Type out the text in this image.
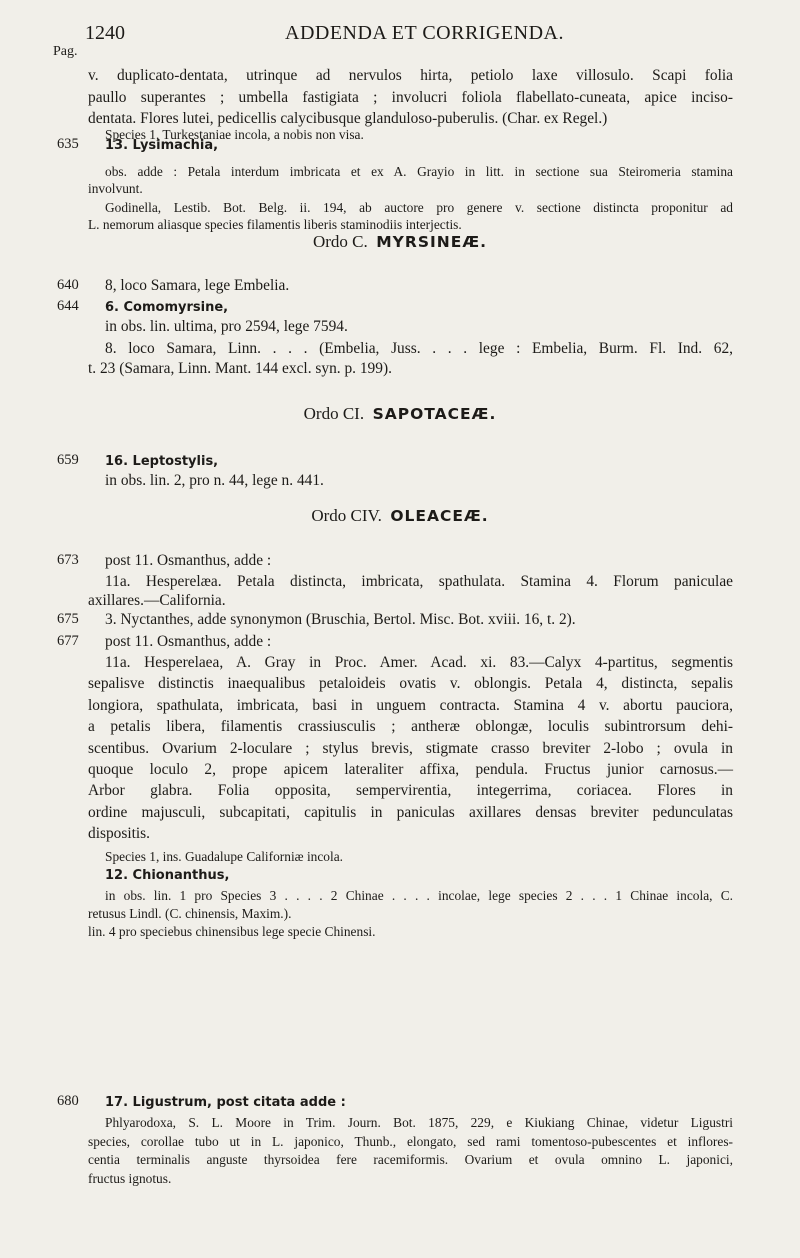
1240	ADDENDA ET CORRIGENDA.
Pag.
635
640
644
659
673
675
677
680
Ordo C. MYRSINEÆ.
Ordo CI. SAPOTACEÆ.
Ordo CIV. OLEACEÆ.
v. duplicato-dentata, utrinque ad nervulos hirta, petiolo laxe villosulo. Scapi folia
paullo superantes ; umbella fastigiata ; involucri foliola flabellato-cuneata, apice inciso-
dentata. Flores lutei, pedicellis calycibusque glanduloso-puberulis. (Char. ex Regel.)
Species 1, Turkestaniae incola, a nobis non visa.
13. Lysimachia,
obs. adde : Petala interdum imbricata et ex A. Grayio in litt. in sectione sua Steiromeria stamina
involvunt.
Godinella, Lestib. Bot. Belg. ii. 194, ab auctore pro genere v. sectione distincta proponitur ad
L. nemorum aliasque species filamentis liberis staminodiis interjectis.
8, loco Samara, lege Embelia.
6. Comomyrsine,
in obs. lin. ultima, pro 2594, lege 7594.
8. loco Samara, Linn. . . . (Embelia, Juss. . . . lege : Embelia, Burm. Fl. Ind. 62,
t. 23 (Samara, Linn. Mant. 144 excl. syn. p. 199).
16. Leptostylis,
in obs. lin. 2, pro n. 44, lege n. 441.
post 11. Osmanthus, adde :
11a. Hesperelæa. Petala distincta, imbricata, spathulata. Stamina 4. Florum paniculae
axillares.—California.
3. Nyctanthes, adde synonymon (Bruschia, Bertol. Misc. Bot. xviii. 16, t. 2).
post 11. Osmanthus, adde :
11a. Hesperelaea, A. Gray in Proc. Amer. Acad. xi. 83.—Calyx 4-partitus, segmentis
sepalisve distinctis inaequalibus petaloideis ovatis v. oblongis. Petala 4, distincta, sepalis
longiora, spathulata, imbricata, basi in unguem contracta. Stamina 4 v. abortu pauciora,
a petalis libera, filamentis crassiusculis ; antheræ oblongæ, loculis subintrorsum dehi-
scentibus. Ovarium 2-loculare ; stylus brevis, stigmate crasso breviter 2-lobo ; ovula in
quoque loculo 2, prope apicem lateraliter affixa, pendula. Fructus junior carnosus.—
Arbor glabra. Folia opposita, sempervirentia, integerrima, coriacea. Flores in
ordine majusculi, subcapitati, capitulis in paniculas axillares densas breviter pedunculatas
dispositis.
Species 1, ins. Guadalupe Californiæ incola.
12. Chionanthus,
in obs. lin. 1 pro Species 3 . . . . 2 Chinae . . . . incolae, lege species 2 . . . 1 Chinae incola, C.
retusus Lindl. (C. chinensis, Maxim.).
lin. 4 pro speciebus chinensibus lege specie Chinensi.
17. Ligustrum, post citata adde :
Phlyarodoxa, S. L. Moore in Trim. Journ. Bot. 1875, 229, e Kiukiang Chinae, videtur Ligustri
species, corollae tubo ut in L. japonico, Thunb., elongato, sed rami tomentoso-pubescentes et inflores-
centia terminalis anguste thyrsoidea fere racemiformis. Ovarium et ovula omnino L. japonici,
fructus ignotus.
